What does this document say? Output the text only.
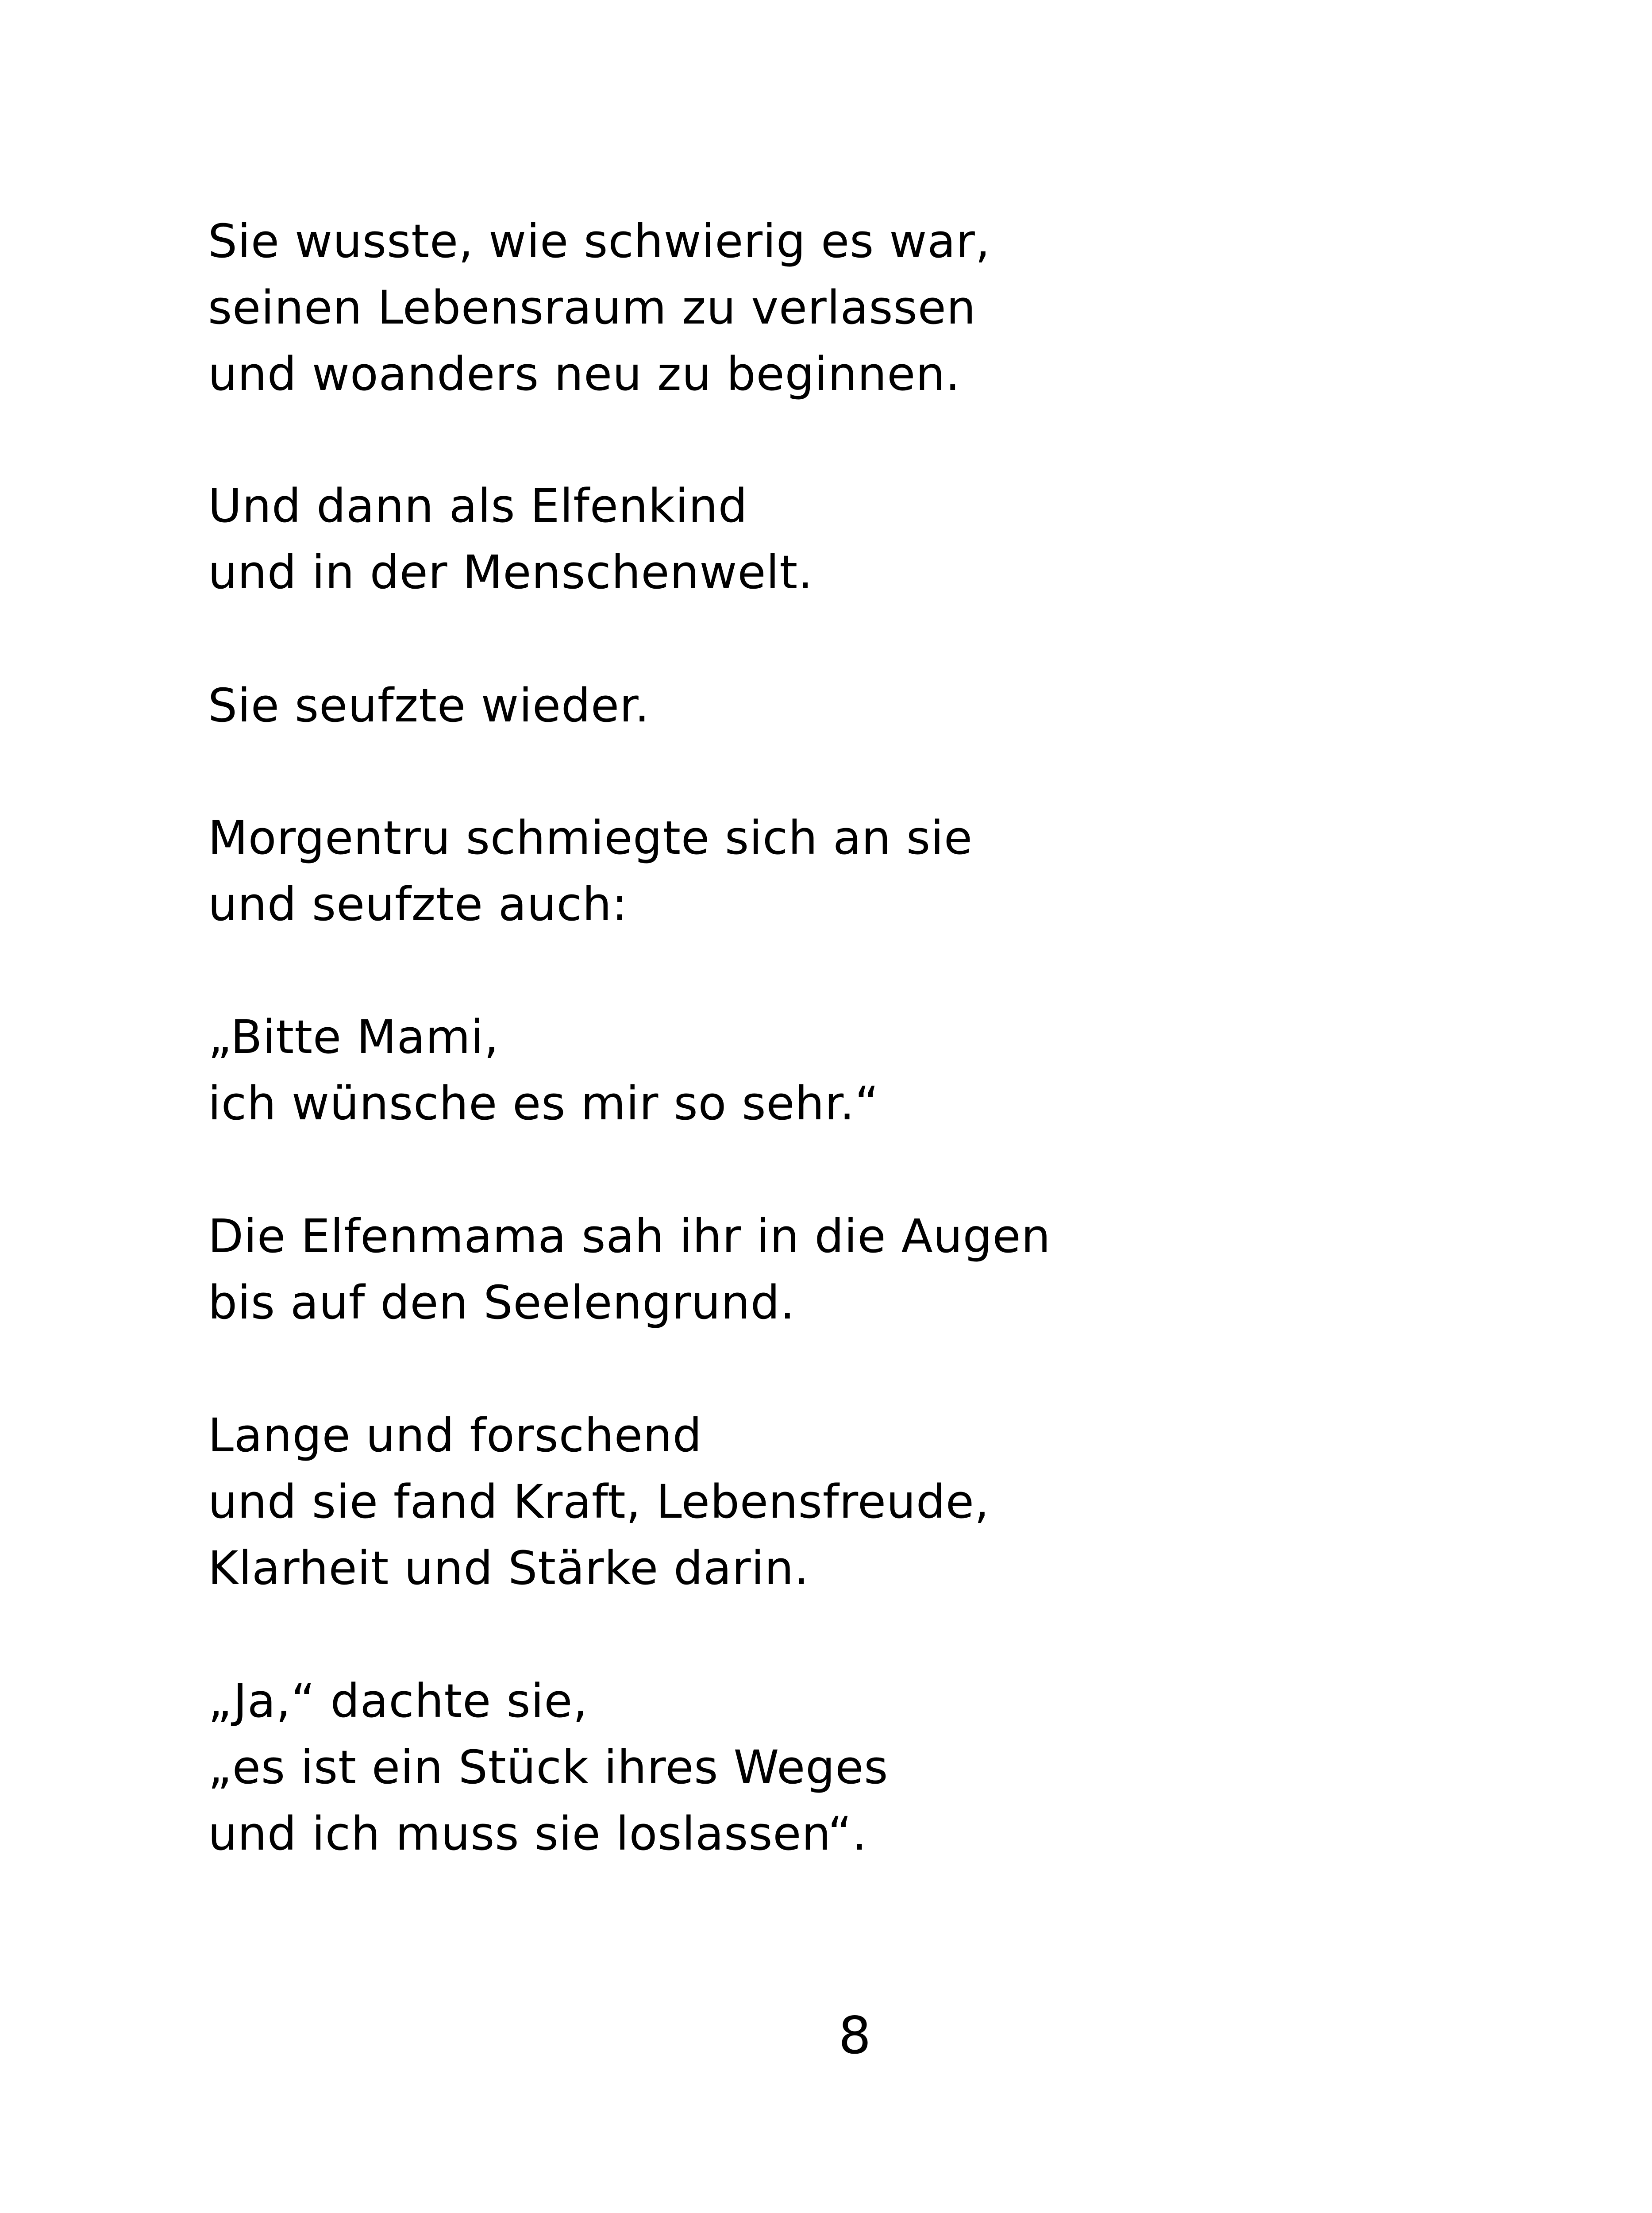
Sie wusste, wie schwierig es war,
seinen Lebensraum zu verlassen
und woanders neu zu beginnen.

Und dann als Elfenkind
und in der Menschenwelt.

Sie seufzte wieder.

Morgentru schmiegte sich an sie
und seufzte auch:

„Bitte Mami,
ich wünsche es mir so sehr.“

Die Elfenmama sah ihr in die Augen
bis auf den Seelengrund.

Lange und forschend
und sie fand Kraft, Lebensfreude,
Klarheit und Stärke darin.

„Ja,“ dachte sie,
„es ist ein Stück ihres Weges
und ich muss sie loslassen“.

8
